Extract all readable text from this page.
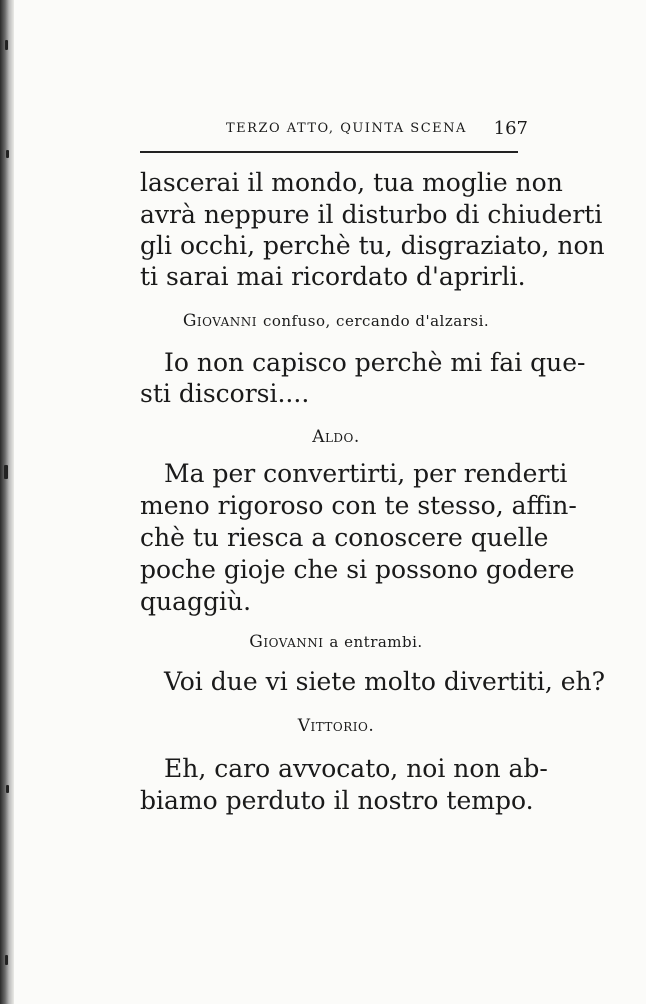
TERZO ATTO, QUINTA SCENA 167
lascerai il mondo, tua moglie non
avrà neppure il disturbo di chiuderti
gli occhi, perchè tu, disgraziato, non
ti sarai mai ricordato d'aprirli.
Giovanni confuso, cercando d'alzarsi.
Io non capisco perchè mi fai que-
sti discorsi....
Aldo.
Ma per convertirti, per renderti
meno rigoroso con te stesso, affin-
chè tu riesca a conoscere quelle
poche gioje che si possono godere
quaggiù.
Giovanni a entrambi.
Voi due vi siete molto divertiti, eh?
Vittorio.
Eh, caro avvocato, noi non ab-
biamo perduto il nostro tempo.
